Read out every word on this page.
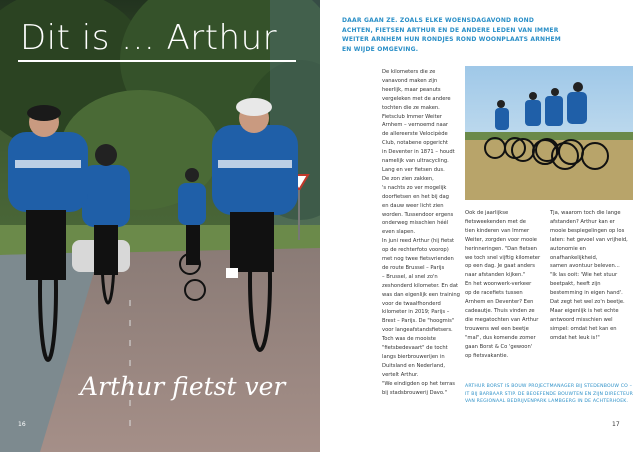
Dit is ... Arthur
Arthur fietst ver
16
DAAR GAAN ZE. ZOALS ELKE WOENSDAGAVOND ROND ACHTEN, FIETSEN ARTHUR EN DE ANDERE LEDEN VAN IMMER WEITER ARNHEM HUN RONDJES ROND WOONPLAATS ARNHEM EN WIJDE OMGEVING.

De kilometers die ze

vanavond maken zijn

heerlijk, maar peanuts

vergeleken met de andere

tochten die ze maken.

Fietsclub Immer Weiter

Arnhem – vernoemd naar

de allereerste Velocipède

Club, notabene opgericht

in Deventer in 1871 – houdt

namelijk van ultracycling.

Lang en ver fietsen dus.

De zon zien zakken,

's nachts zo ver mogelijk

doorfietsen en het bij dag

en dauw weer licht zien

worden. Tussendoor ergens

onderweg misschien héél

even slapen.

In juni reed Arthur (hij fietst

op de rechterfoto voorop)

met nog twee fietsvrienden

de route Brussel – Parijs

– Brussel, al snel zo'n

zeshonderd kilometer. En dat

was dan eigenlijk een training

voor de twaalfhonderd

kilometer in 2019; Parijs –

Brest – Parijs. De "hoogmis"

voor langeafstandsfietsers.

Toch was de mooiste

"fietsbedevaart" de tocht

langs bierbrouwerijen in

Duitsland en Nederland,

vertelt Arthur.

"We eindigden op het terras

bij stadsbrouwerij Davo."

Ook de jaarlijkse

fietsweekenden met de

tien kinderen van Immer

Weiter, zorgden voor mooie

herinneringen. "Dan fietsen

we toch snel vijftig kilometer

op een dag. Je gaat anders

naar afstanden kijken."

En het woonwerk-verkeer

op de racefiets tussen

Arnhem en Deventer? Een

cadeautje. Thuis vinden ze

die megatochten van Arthur

trouwens wel een beetje

"mal", dus komende zomer

gaan Borst & Co 'gewoon'

op fietsvakantie.

Tja, waarom toch die lange

afstanden? Arthur kan er

mooie bespiegelingen op los

laten: het gevoel van vrijheid,

autonomie en onafhankelijkheid,

samen avontuur beleven...

"Ik las ooit: 'Wie het stuur

beetpakt, heeft zijn

bestemming in eigen hand'.

Dat zegt het wel zo'n beetje.

Maar eigenlijk is het echte

antwoord misschien wel

simpel: omdat het kan en

omdat het leuk is!"

ARTHUR BORST IS BOUW PROJECTMANAGER BIJ STEDENBOUW CO – IT BIJ BARBAAR STIP. DE BEOEFENDE BOUWTEN EN ZIJN DIRECTEUR VAN REGIONAAL BEDRIJVENPARK LAMBGERG IN DE ACHTERHOEK.
17
